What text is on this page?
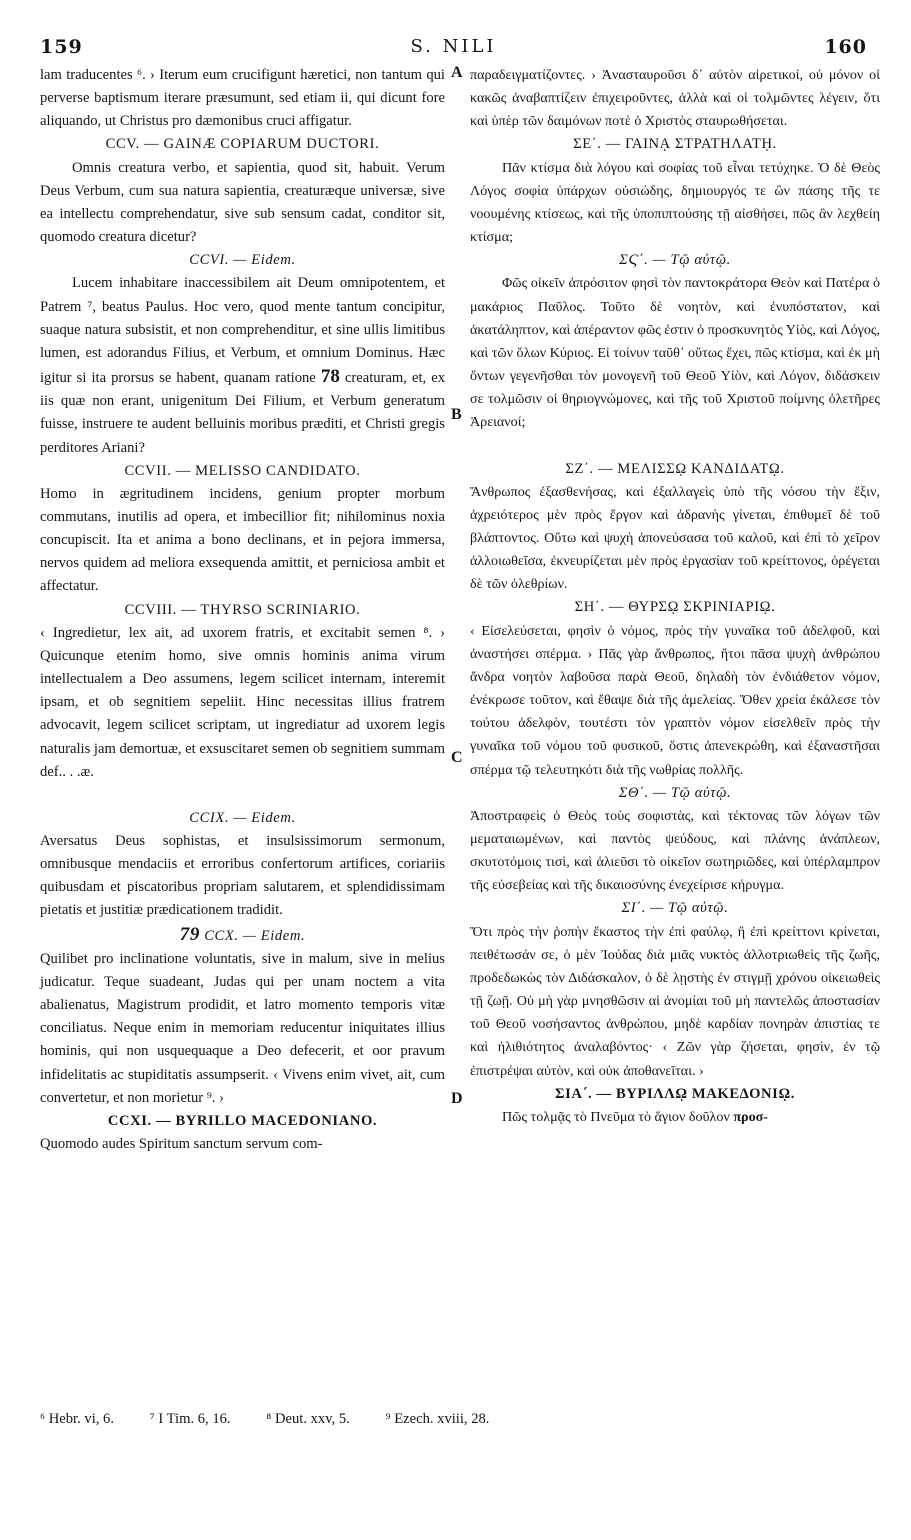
S. NILI
159	160
A
B
C
D

lam traducentes ⁶. › Iterum eum crucifigunt hæretici, non tantum qui perverse baptismum iterare præsumunt, sed etiam ii, qui dicunt fore aliquando, ut Christus pro dæmonibus cruci affigatur.

CCV. — GAINÆ COPIARUM DUCTORI.

Omnis creatura verbo, et sapientia, quod sit, habuit. Verum Deus Verbum, cum sua natura sapientia, creaturæque universæ, sive ea intellectu comprehendatur, sive sub sensum cadat, conditor sit, quomodo creatura dicetur?

CCVI. — Eidem.

Lucem inhabitare inaccessibilem ait Deum omnipotentem, et Patrem ⁷, beatus Paulus. Hoc vero, quod mente tantum concipitur, suaque natura subsistit, et non comprehenditur, et sine ullis limitibus lumen, est adorandus Filius, et Verbum, et omnium Dominus. Hæc igitur si ita prorsus se habent, quanam ratione 78 creaturam, et, ex iis quæ non erant, unigenitum Dei Filium, et Verbum generatum fuisse, instruere te audent belluinis moribus præditi, et Christi gregis perditores Ariani?

CCVII. — MELISSO CANDIDATO.

Homo in ægritudinem incidens, genium propter morbum commutans, inutilis ad opera, et imbecillior fit; nihilominus noxia concupiscit. Ita et anima a bono declinans, et in pejora immersa, nervos quidem ad meliora exsequenda amittit, et perniciosa ambit et affectatur.

CCVIII. — THYRSO SCRINIARIO.

‹ Ingredietur, lex ait, ad uxorem fratris, et excitabit semen ⁸. › Quicunque etenim homo, sive omnis hominis anima virum intellectualem a Deo assumens, legem scilicet internam, interemit ipsam, et ob segnitiem sepeliit. Hinc necessitas illius fratrem advocavit, legem scilicet scriptam, ut ingrediatur ad uxorem legis naturalis jam demortuæ, et exsuscitaret semen ob segnitiem summam def.. . .æ.

CCIX. — Eidem.

Aversatus Deus sophistas, et insulsissimorum sermonum, omnibusque mendaciis et erroribus confertorum artifices, coriariis quibusdam et piscatoribus propriam salutarem, et splendidissimam pietatis et justitiæ prædicationem tradidit.

79 CCX. — Eidem.

Quilibet pro inclinatione voluntatis, sive in malum, sive in melius judicatur. Teque suadeant, Judas qui per unam noctem a vita abalienatus, Magistrum prodidit, et latro momento temporis vitæ conciliatus. Neque enim in memoriam reducentur iniquitates illius hominis, qui non usquequaque a Deo defecerit, et oor pravum infidelitatis ac stupiditatis assumpserit. ‹ Vivens enim vivet, ait, cum convertetur, et non morietur ⁹. ›

CCXI. — BYRILLO MACEDONIANO.

Quomodo audes Spiritum sanctum servum com-

παραδειγματίζοντες. › Ἀνασταυροῦσι δ᾿ αὐτὸν αἱρετικοί, οὐ μόνον οἱ κακῶς ἀναβαπτίζειν ἐπιχειροῦντες, ἀλλὰ καὶ οἱ τολμῶντες λέγειν, ὅτι καὶ ὑπὲρ τῶν δαιμόνων ποτὲ ὁ Χριστὸς σταυρωθήσεται.

ΣΕ΄. — ΓΑΙΝᾼ ΣΤΡΑΤΗΛΑΤῌ.

Πᾶν κτίσμα διὰ λόγου καὶ σοφίας τοῦ εἶναι τετύχηκε. Ὁ δὲ Θεὸς Λόγος σοφία ὑπάρχων οὐσιώδης, δημιουργός τε ὢν πάσης τῆς τε νοουμένης κτίσεως, καὶ τῆς ὑποπιπτούσης τῇ αἰσθήσει, πῶς ἂν λεχθείη κτίσμα;

ΣϚ΄. — Τῷ αὐτῷ.

Φῶς οἰκεῖν ἀπρόσιτον φησὶ τὸν παντοκράτορα Θεὸν καὶ Πατέρα ὁ μακάριος Παῦλος. Τοῦτο δὲ νοητὸν, καὶ ἐνυπόστατον, καὶ ἀκατάληπτον, καὶ ἀπέραντον φῶς ἐστιν ὁ προσκυνητὸς Υἱὸς, καὶ Λόγος, καὶ τῶν ὅλων Κύριος. Εἰ τοίνυν ταῦθ᾿ οὕτως ἔχει, πῶς κτίσμα, καὶ ἐκ μὴ ὄντων γεγενῆσθαι τὸν μονογενῆ τοῦ Θεοῦ Υἱὸν, καὶ Λόγον, διδάσκειν σε τολμῶσιν οἱ θηριογνώμονες, καὶ τῆς τοῦ Χριστοῦ ποίμνης ὀλετῆρες Ἀρειανοί;

ΣΖ΄. — ΜΕΛΙΣΣῼ ΚΑΝΔΙΔΑΤῼ.

Ἄνθρωπος ἐξασθενήσας, καὶ ἐξαλλαγεὶς ὑπὸ τῆς νόσου τὴν ἕξιν, ἀχρειότερος μὲν πρὸς ἔργον καὶ ἀδρανὴς γίνεται, ἐπιθυμεῖ δὲ τοῦ βλάπτοντος. Οὕτω καὶ ψυχὴ ἀπονεύσασα τοῦ καλοῦ, καὶ ἐπὶ τὸ χεῖρον ἀλλοιωθεῖσα, ἐκνευρίζεται μὲν πρὸς ἐργασίαν τοῦ κρείττονος, ὀρέγεται δὲ τῶν ὀλεθρίων.

ΣΗ΄. — ΘΥΡΣῼ ΣΚΡΙΝΙΑΡΙῼ.

‹ Εἰσελεύσεται, φησὶν ὁ νόμος, πρὸς τὴν γυναῖκα τοῦ ἀδελφοῦ, καὶ ἀναστήσει σπέρμα. › Πᾶς γὰρ ἄνθρωπος, ἤτοι πᾶσα ψυχὴ ἀνθρώπου ἄνδρα νοητὸν λαβοῦσα παρὰ Θεοῦ, δηλαδὴ τὸν ἐνδιάθετον νόμον, ἐνέκρωσε τοῦτον, καὶ ἔθαψε διὰ τῆς ἀμελείας. Ὅθεν χρεία ἐκάλεσε τὸν τούτου ἀδελφὸν, τουτέστι τὸν γραπτὸν νόμον εἰσελθεῖν πρὸς τὴν γυναῖκα τοῦ νόμου τοῦ φυσικοῦ, ὅστις ἀπενεκρώθη, καὶ ἐξαναστῆσαι σπέρμα τῷ τελευτηκότι διὰ τῆς νωθρίας πολλῆς.

ΣΘ΄. — Τῷ αὐτῷ.

Ἀποστραφεὶς ὁ Θεὸς τοὺς σοφιστὰς, καὶ τέκτονας τῶν λόγων τῶν μεματαιωμένων, καὶ παντὸς ψεύδους, καὶ πλάνης ἀνάπλεων, σκυτοτόμοις τισὶ, καὶ ἁλιεῦσι τὸ οἰκεῖον σωτηριῶδες, καὶ ὑπέρλαμπρον τῆς εὐσεβείας καὶ τῆς δικαιοσύνης ἐνεχείρισε κήρυγμα.

ΣΙ΄. — Τῷ αὐτῷ.

Ὅτι πρὸς τὴν ῥοπὴν ἕκαστος τὴν ἐπὶ φαύλῳ, ἢ ἐπὶ κρείττονι κρίνεται, πειθέτωσάν σε, ὁ μὲν Ἰούδας διὰ μιᾶς νυκτὸς ἀλλοτριωθεὶς τῆς ζωῆς, προδεδωκὼς τὸν Διδάσκαλον, ὁ δὲ λῃστὴς ἐν στιγμῇ χρόνου οἰκειωθεὶς τῇ ζωῇ. Οὐ μὴ γὰρ μνησθῶσιν αἱ ἀνομίαι τοῦ μὴ παντελῶς ἀποστασίαν τοῦ Θεοῦ νοσήσαντος ἀνθρώπου, μηδὲ καρδίαν πονηρὰν ἀπιστίας τε καὶ ἠλιθιότητος ἀναλαβόντος· ‹ Ζῶν γὰρ ζήσεται, φησὶν, ἐν τῷ ἐπιστρέψαι αὐτὸν, καὶ οὐκ ἀποθανεῖται. ›

ΣΙΑ΄. — ΒΥΡΙΛΛῼ ΜΑΚΕΔΟΝΙῼ.

Πῶς τολμᾷς τὸ Πνεῦμα τὸ ἅγιον δοῦλον προσ-

⁶ Hebr. vi, 6. ⁷ I Tim. 6, 16. ⁸ Deut. xxv, 5. ⁹ Ezech. xviii, 28.
